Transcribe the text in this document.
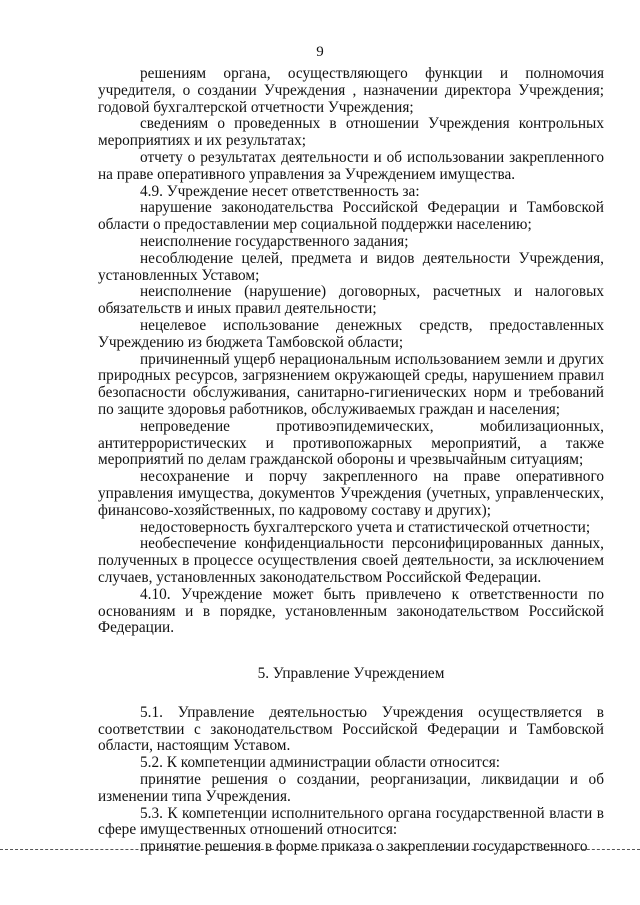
9

решениям органа, осуществляющего функции и полномочия учредителя, о создании Учреждения , назначении директора Учреждения; годовой бухгалтерской отчетности Учреждения;

сведениям о проведенных в отношении Учреждения контрольных мероприятиях и их результатах;

отчету о результатах деятельности и об использовании закрепленного на праве оперативного управления за Учреждением имущества.

4.9. Учреждение несет ответственность за:

нарушение законодательства Российской Федерации и Тамбовской области о предоставлении мер социальной поддержки населению;

неисполнение государственного задания;

несоблюдение целей, предмета и видов деятельности Учреждения, установленных Уставом;

неисполнение (нарушение) договорных, расчетных и налоговых обязательств и иных правил деятельности;

нецелевое использование денежных средств, предоставленных Учреждению из бюджета Тамбовской области;

причиненный ущерб нерациональным использованием земли и других природных ресурсов, загрязнением окружающей среды, нарушением правил безопасности обслуживания, санитарно-гигиенических норм и требований по защите здоровья работников, обслуживаемых граждан и населения;

непроведение противоэпидемических, мобилизационных, антитеррористических и противопожарных мероприятий, а также мероприятий по делам гражданской обороны и чрезвычайным ситуациям;

несохранение и порчу закрепленного на праве оперативного управления имущества, документов Учреждения (учетных, управленческих, финансово-хозяйственных, по кадровому составу и других);

недостоверность бухгалтерского учета и статистической отчетности;

необеспечение конфиденциальности персонифицированных данных, полученных в процессе осуществления своей деятельности, за исключением случаев, установленных законодательством Российской Федерации.

4.10. Учреждение может быть привлечено к ответственности по основаниям и в порядке, установленным законодательством Российской Федерации.

5. Управление Учреждением

5.1. Управление деятельностью Учреждения осуществляется в соответствии с законодательством Российской Федерации и Тамбовской области, настоящим Уставом.

5.2. К компетенции администрации области относится:

принятие решения о создании, реорганизации, ликвидации и об изменении типа Учреждения.

5.3. К компетенции исполнительного органа государственной власти в сфере имущественных отношений относится:

принятие решения в форме приказа о закреплении государственного
